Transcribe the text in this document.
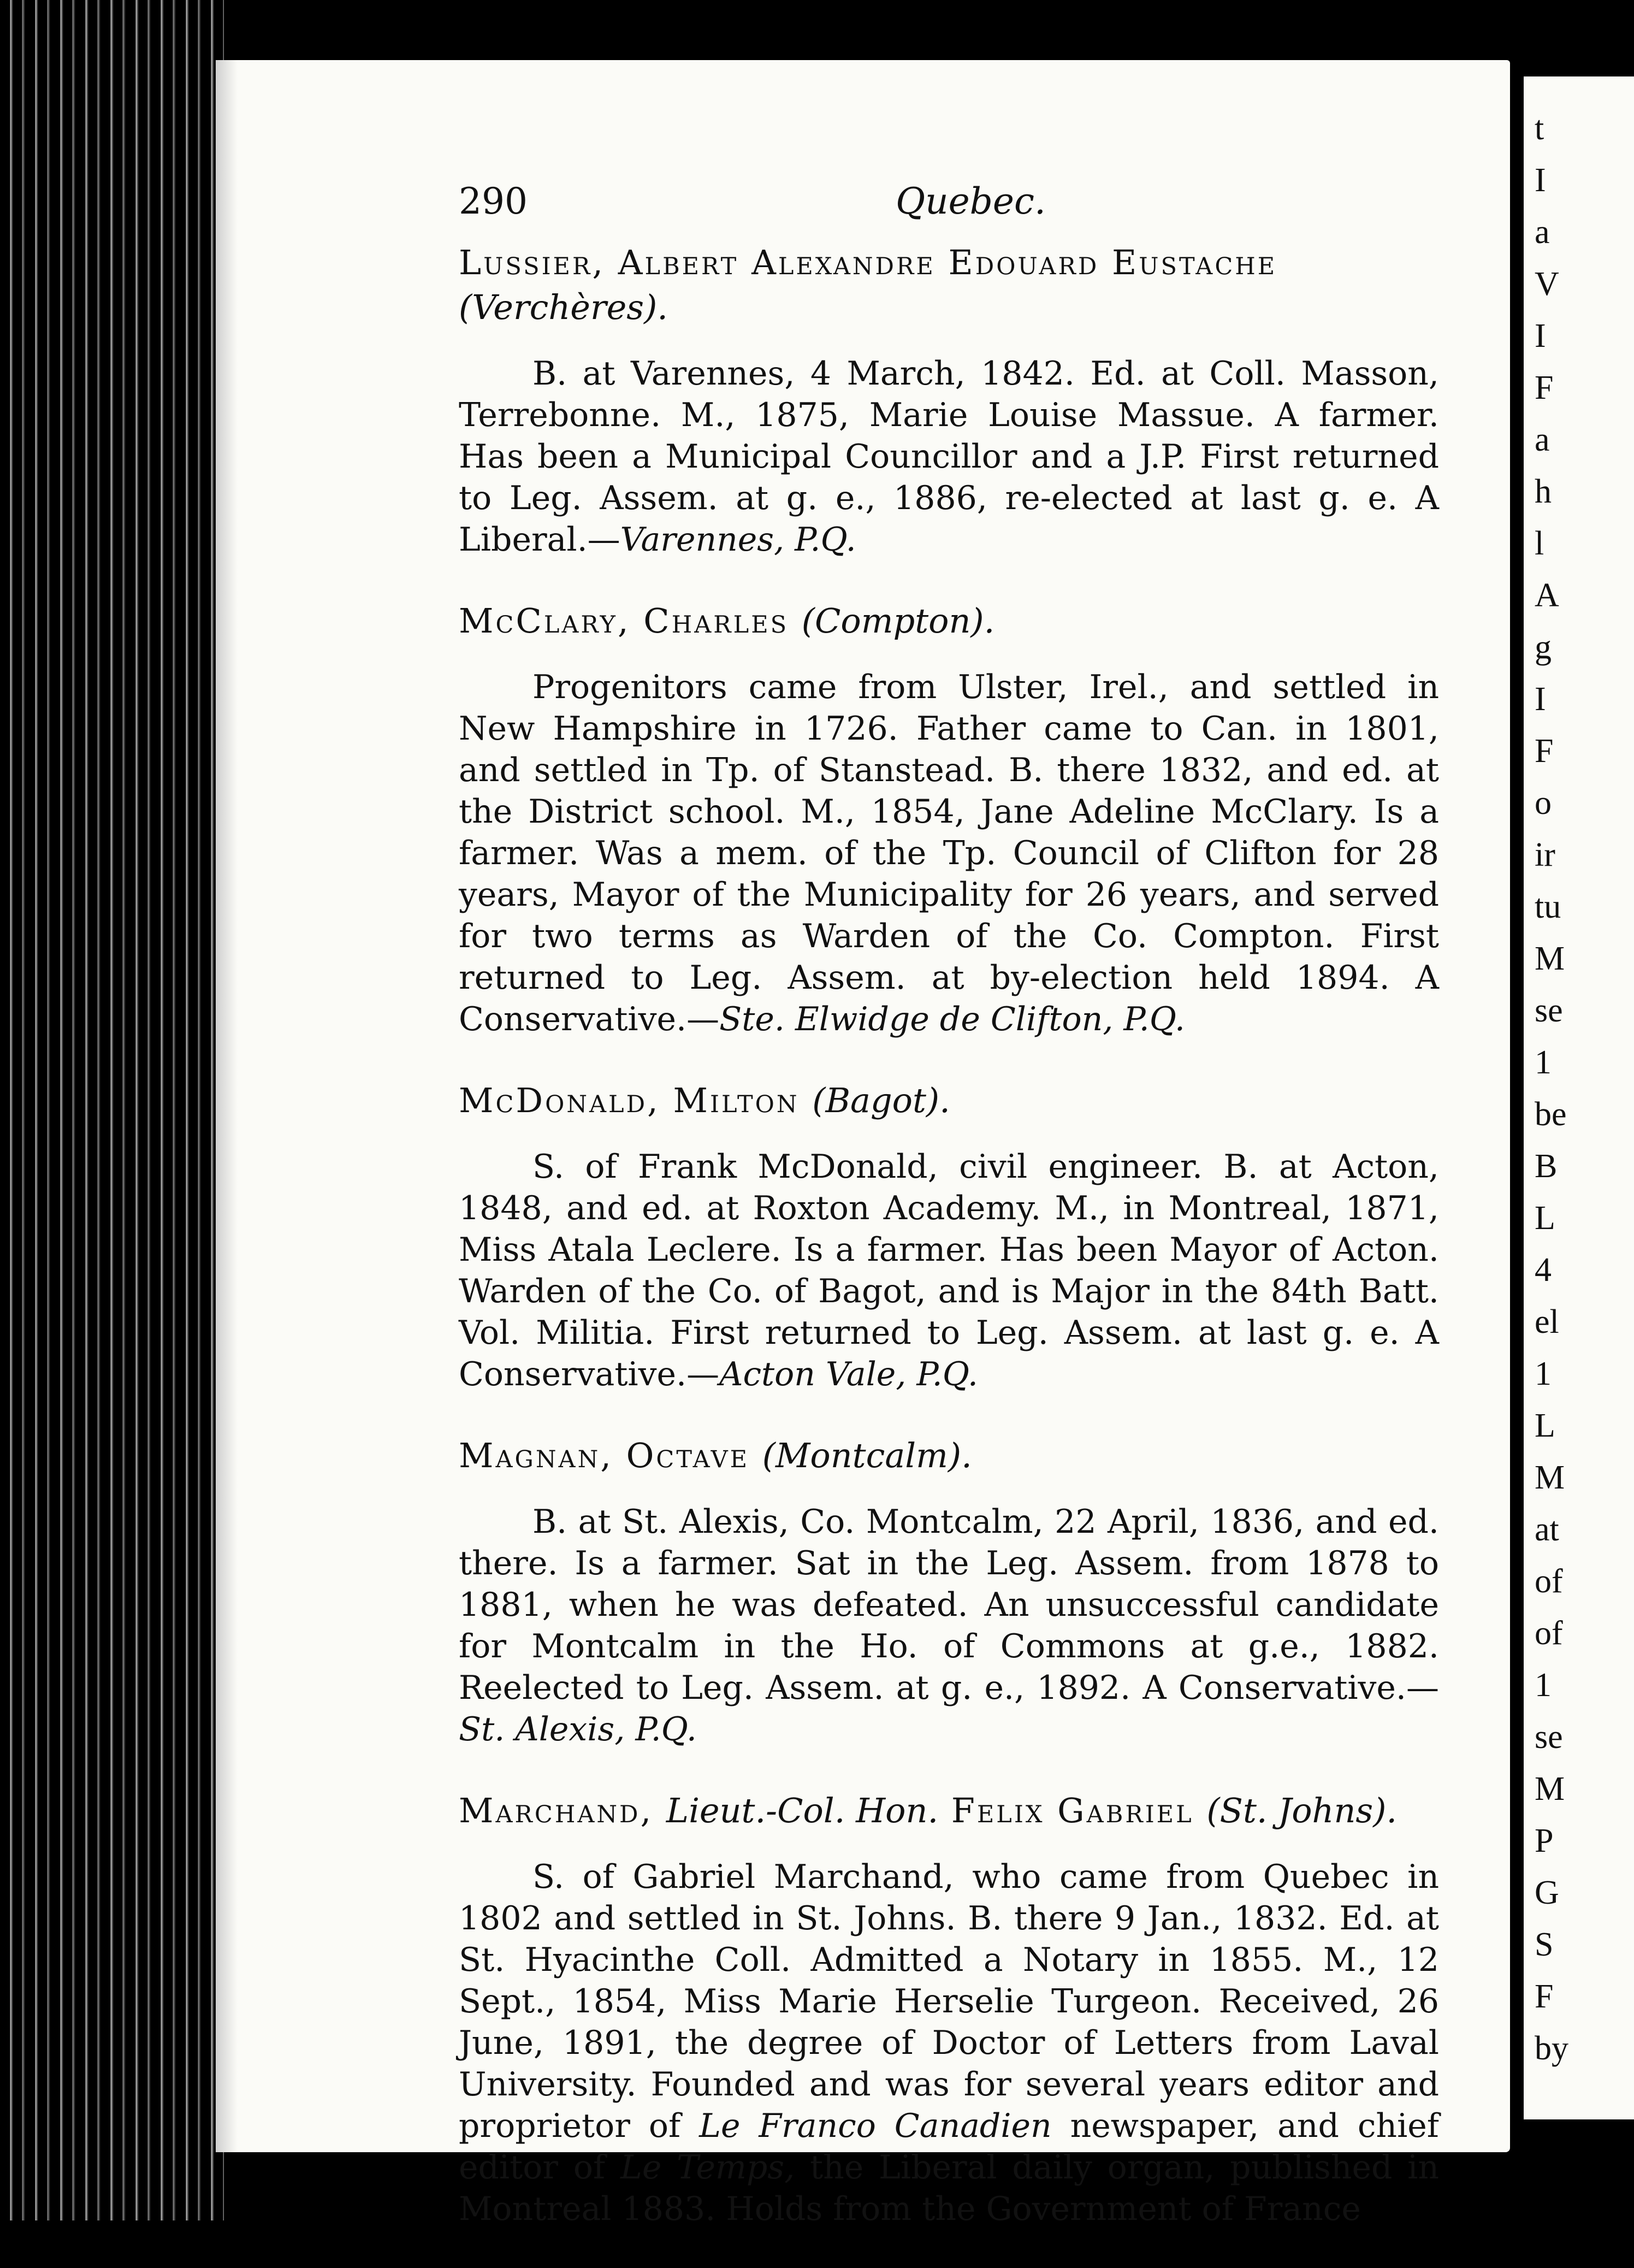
t
I
a
V
I
F
a
h
l
A
g
I
F
o
ir
tu
M
se
1
be
B
L
4
el
1
L
M
at
of
of
1
se
M
P
G
S
F
by
290	Quebec.

Lussier, Albert Alexandre Edouard Eustache (Verchères).

B. at Varennes, 4 March, 1842. Ed. at Coll. Masson, Terrebonne. M., 1875, Marie Louise Massue. A farmer. Has been a Municipal Councillor and a J.P. First returned to Leg. Assem. at g. e., 1886, re-elected at last g. e. A Liberal.—Varennes, P.Q.

McClary, Charles (Compton).

Progenitors came from Ulster, Irel., and settled in New Hampshire in 1726. Father came to Can. in 1801, and settled in Tp. of Stanstead. B. there 1832, and ed. at the District school. M., 1854, Jane Adeline McClary. Is a farmer. Was a mem. of the Tp. Council of Clifton for 28 years, Mayor of the Municipality for 26 years, and served for two terms as Warden of the Co. Compton. First returned to Leg. Assem. at by-election held 1894. A Conservative.—Ste. Elwidge de Clifton, P.Q.

McDonald, Milton (Bagot).

S. of Frank McDonald, civil engineer. B. at Acton, 1848, and ed. at Roxton Academy. M., in Montreal, 1871, Miss Atala Leclere. Is a farmer. Has been Mayor of Acton. Warden of the Co. of Bagot, and is Major in the 84th Batt. Vol. Militia. First returned to Leg. Assem. at last g. e. A Conservative.—Acton Vale, P.Q.

Magnan, Octave (Montcalm).

B. at St. Alexis, Co. Montcalm, 22 April, 1836, and ed. there. Is a farmer. Sat in the Leg. Assem. from 1878 to 1881, when he was defeated. An unsuccessful candidate for Montcalm in the Ho. of Commons at g.e., 1882. Reelected to Leg. Assem. at g. e., 1892. A Conservative.—St. Alexis, P.Q.

Marchand, Lieut.-Col. Hon. Felix Gabriel (St. Johns).

S. of Gabriel Marchand, who came from Quebec in 1802 and settled in St. Johns. B. there 9 Jan., 1832. Ed. at St. Hyacinthe Coll. Admitted a Notary in 1855. M., 12 Sept., 1854, Miss Marie Herselie Turgeon. Received, 26 June, 1891, the degree of Doctor of Letters from Laval University. Founded and was for several years editor and proprietor of Le Franco Canadien newspaper, and chief editor of Le Temps, the Liberal daily organ, published in Montreal 1883. Holds from the Government of France
